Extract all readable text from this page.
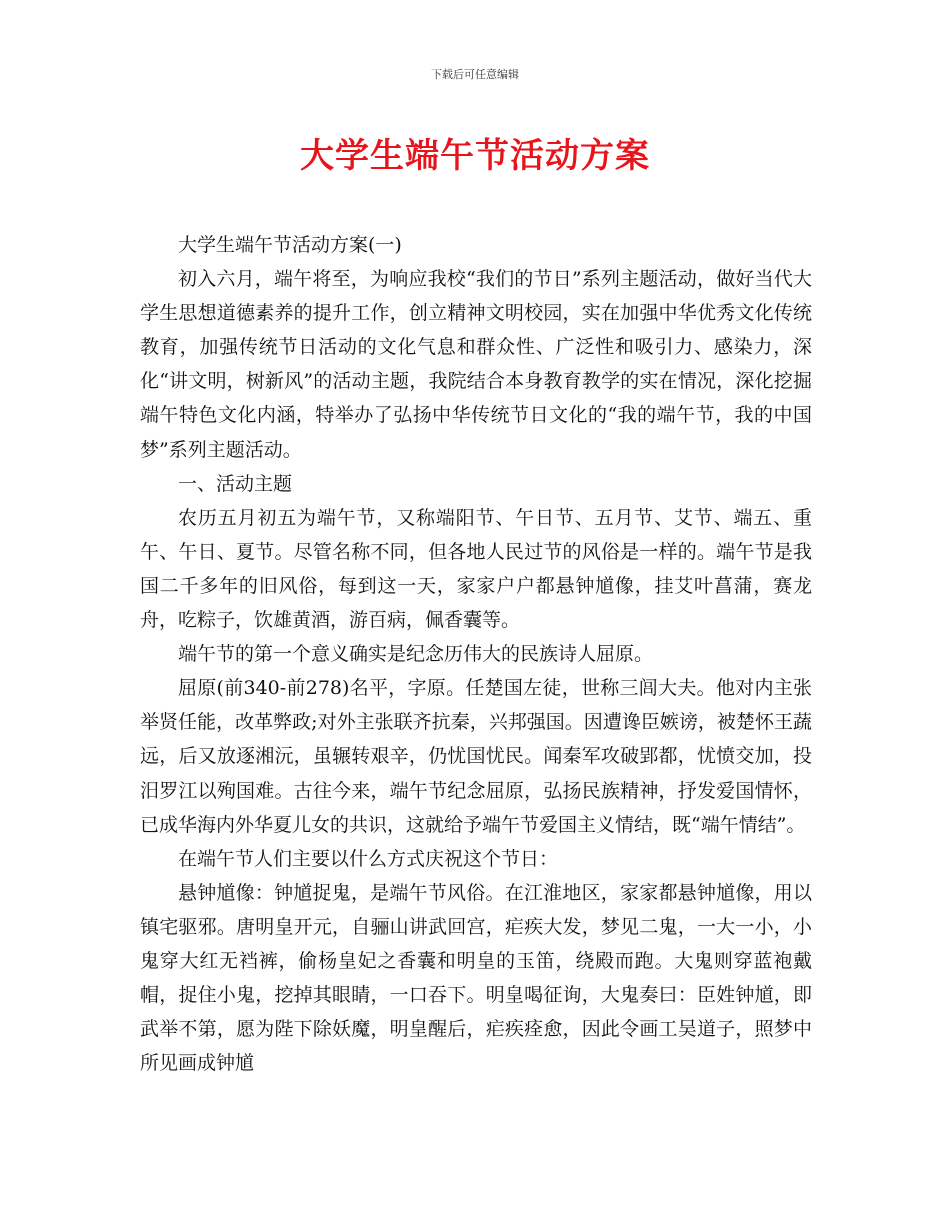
下载后可任意编辑
大学生端午节活动方案

大学生端午节活动方案(一)

初入六月，端午将至，为响应我校“我们的节日”系列主题活动，做好当代大学生思想道德素养的提升工作，创立精神文明校园，实在加强中华优秀文化传统教育，加强传统节日活动的文化气息和群众性、广泛性和吸引力、感染力，深化“讲文明，树新风”的活动主题，我院结合本身教育教学的实在情况，深化挖掘端午特色文化内涵，特举办了弘扬中华传统节日文化的“我的端午节，我的中国梦”系列主题活动。

一、活动主题

农历五月初五为端午节，又称端阳节、午日节、五月节、艾节、端五、重午、午日、夏节。尽管名称不同，但各地人民过节的风俗是一样的。端午节是我国二千多年的旧风俗，每到这一天，家家户户都悬钟馗像，挂艾叶菖蒲，赛龙舟，吃粽子，饮雄黄酒，游百病，佩香囊等。

端午节的第一个意义确实是纪念历伟大的民族诗人屈原。

屈原(前340-前278)名平，字原。任楚国左徒，世称三闾大夫。他对内主张举贤任能，改革弊政;对外主张联齐抗秦，兴邦强国。因遭谗臣嫉谤，被楚怀王蔬远，后又放逐湘沅，虽辗转艰辛，仍忧国忧民。闻秦军攻破郢都，忧愤交加，投汨罗江以殉国难。古往今来，端午节纪念屈原，弘扬民族精神，抒发爱国情怀，已成华海内外华夏儿女的共识，这就给予端午节爱国主义情结，既“端午情结”。

在端午节人们主要以什么方式庆祝这个节日：

悬钟馗像：钟馗捉鬼，是端午节风俗。在江淮地区，家家都悬钟馗像，用以镇宅驱邪。唐明皇开元，自骊山讲武回宫，疟疾大发，梦见二鬼，一大一小，小鬼穿大红无裆裤，偷杨皇妃之香囊和明皇的玉笛，绕殿而跑。大鬼则穿蓝袍戴帽，捉住小鬼，挖掉其眼睛，一口吞下。明皇喝征询，大鬼奏曰：臣姓钟馗，即武举不第，愿为陛下除妖魔，明皇醒后，疟疾痊愈，因此令画工吴道子，照梦中所见画成钟馗
